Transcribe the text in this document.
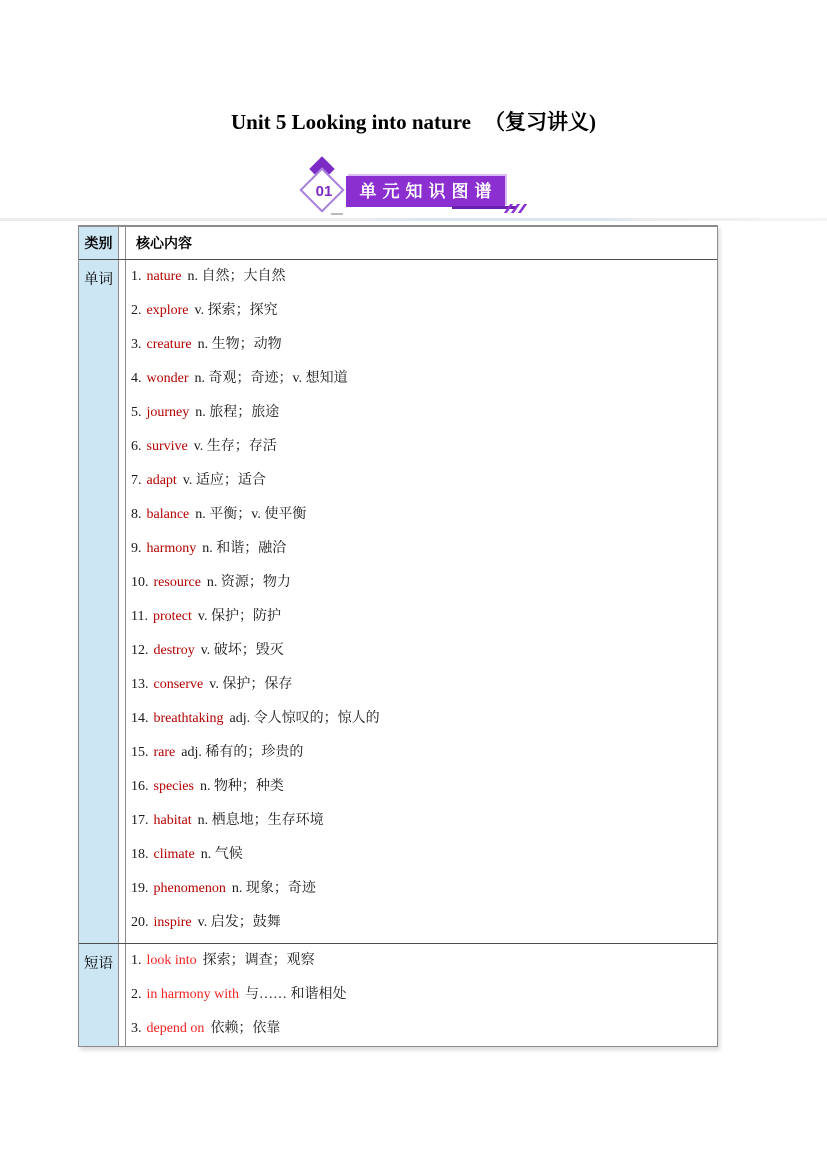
Unit 5 Looking into nature （复习讲义)
01	单元知识图谱
类别	核心内容
单词	1. nature n. 自然；大自然
2. explore v. 探索；探究
3. creature n. 生物；动物
4. wonder n. 奇观；奇迹；v. 想知道
5. journey n. 旅程；旅途
6. survive v. 生存；存活
7. adapt v. 适应；适合
8. balance n. 平衡；v. 使平衡
9. harmony n. 和谐；融洽
10. resource n. 资源；物力
11. protect v. 保护；防护
12. destroy v. 破坏；毁灭
13. conserve v. 保护；保存
14. breathtaking adj. 令人惊叹的；惊人的
15. rare adj. 稀有的；珍贵的
16. species n. 物种；种类
17. habitat n. 栖息地；生存环境
18. climate n. 气候
19. phenomenon n. 现象；奇迹
20. inspire v. 启发；鼓舞
短语	1. look into 探索；调查；观察
2. in harmony with 与…… 和谐相处
3. depend on 依赖；依靠
